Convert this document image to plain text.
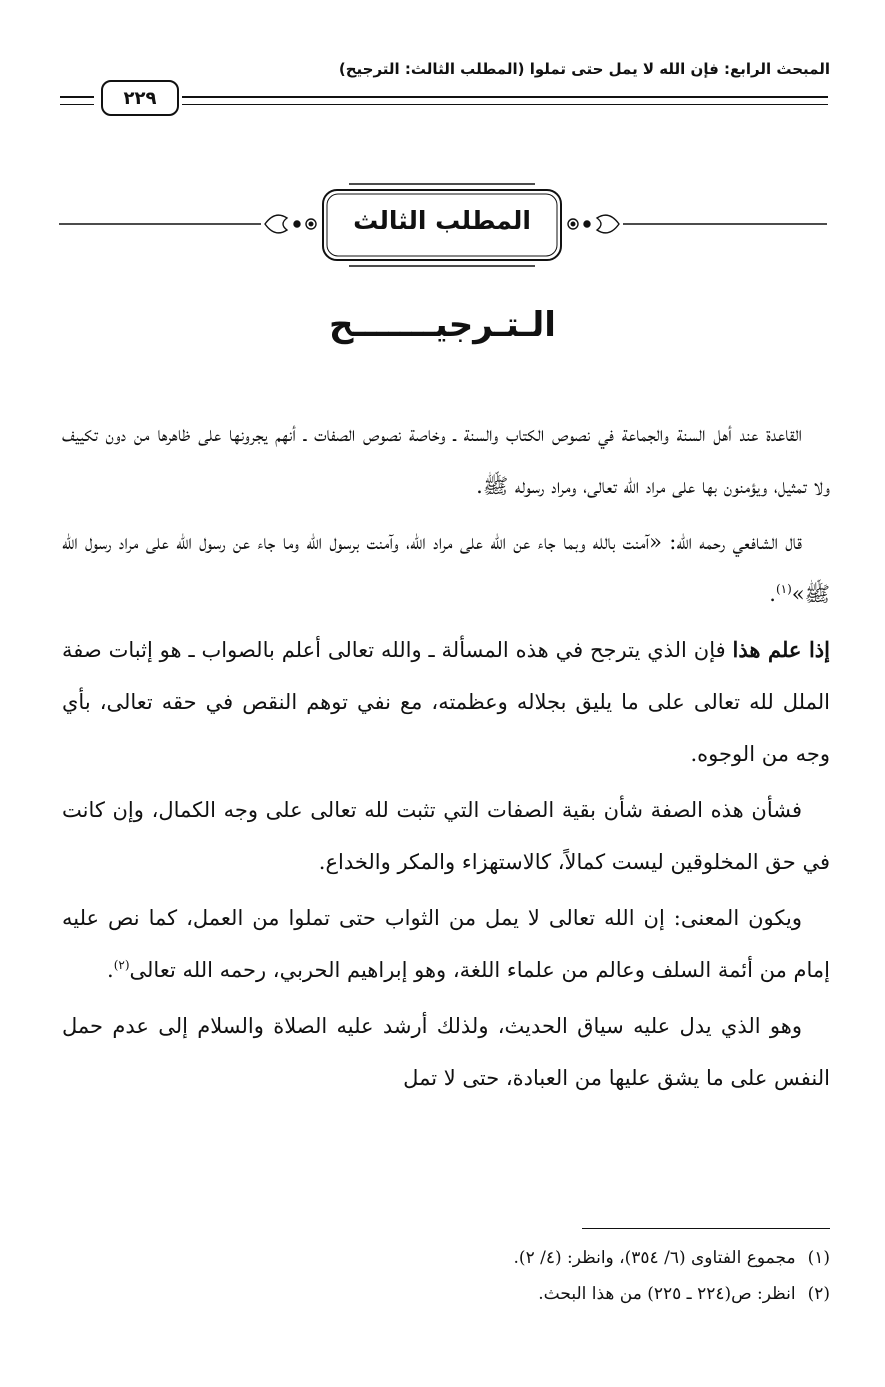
المبحث الرابع: فإن الله لا يمل حتى تملوا (المطلب الثالث: الترجيح)
٢٢٩
المطلب الثالث
الـتـرجيـــــــح

القاعدة عند أهل السنة والجماعة في نصوص الكتاب والسنة ـ وخاصة نصوص الصفات ـ أنهم يجرونها على ظاهرها من دون تكييف ولا تمثيل، ويؤمنون بها على مراد الله تعالى، ومراد رسوله ﷺ.

قال الشافعي رحمه الله: «آمنت بالله وبما جاء عن الله على مراد الله، وآمنت برسول الله وما جاء عن رسول الله على مراد رسول الله ﷺ»$^{(١)}$.

إذا علم هذا فإن الذي يترجح في هذه المسألة ـ والله تعالى أعلم بالصواب ـ هو إثبات صفة الملل لله تعالى على ما يليق بجلاله وعظمته، مع نفي توهم النقص في حقه تعالى، بأي وجه من الوجوه.

فشأن هذه الصفة شأن بقية الصفات التي تثبت لله تعالى على وجه الكمال، وإن كانت في حق المخلوقين ليست كمالاً، كالاستهزاء والمكر والخداع.

ويكون المعنى: إن الله تعالى لا يمل من الثواب حتى تملوا من العمل، كما نص عليه إمام من أئمة السلف وعالم من علماء اللغة، وهو إبراهيم الحربي، رحمه الله تعالى$^{(٢)}$.

وهو الذي يدل عليه سياق الحديث، ولذلك أرشد عليه الصلاة والسلام إلى عدم حمل النفس على ما يشق عليها من العبادة، حتى لا تمل

(١)مجموع الفتاوى (٦/ ٣٥٤)، وانظر: (٤/ ٢).

(٢)انظر: ص(٢٢٤ ـ ٢٢٥) من هذا البحث.
